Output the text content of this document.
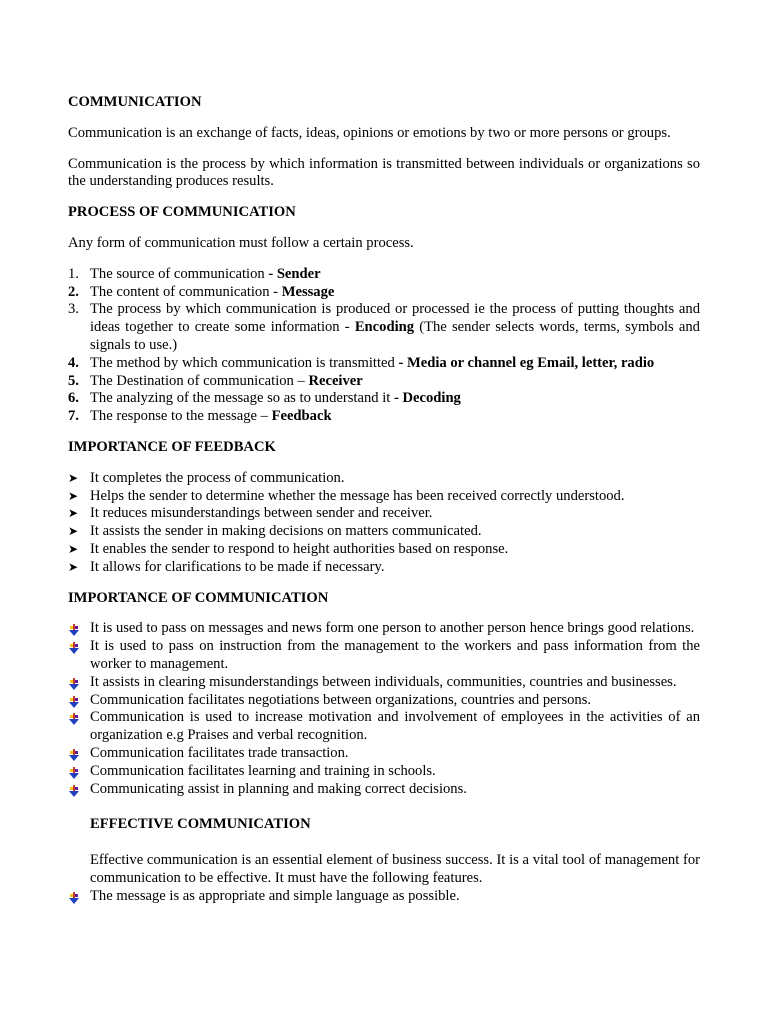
COMMUNICATION

Communication is an exchange of facts, ideas, opinions or emotions by two or more persons or groups.

Communication is the process by which information is transmitted between individuals or organizations so the understanding produces results.

PROCESS OF COMMUNICATION

Any form of communication must follow a certain process.

1. The source of communication - Sender
2. The content of communication - Message
3. The process by which communication is produced or processed ie the process of putting thoughts and ideas together to create some information - Encoding (The sender selects words, terms, symbols and signals to use.)
4. The method by which communication is transmitted - Media or channel eg Email, letter, radio
5. The Destination of communication – Receiver
6. The analyzing of the message so as to understand it - Decoding
7. The response to the message – Feedback

IMPORTANCE OF FEEDBACK

➤ It completes the process of communication.
➤ Helps the sender to determine whether the message has been received correctly understood.
➤ It reduces misunderstandings between sender and receiver.
➤ It assists the sender in making decisions on matters communicated.
➤ It enables the sender to respond to height authorities based on response.
➤ It allows for clarifications to be made if necessary.

IMPORTANCE OF COMMUNICATION

It is used to pass on messages and news form one person to another person hence brings good relations.
It is used to pass on instruction from the management to the workers and pass information from the worker to management.
It assists in clearing misunderstandings between individuals, communities, countries and businesses.
Communication facilitates negotiations between organizations, countries and persons.
Communication is used to increase motivation and involvement of employees in the activities of an organization e.g Praises and verbal recognition.
Communication facilitates trade transaction.
Communication facilitates learning and training in schools.
Communicating assist in planning and making correct decisions.

EFFECTIVE COMMUNICATION

Effective communication is an essential element of business success. It is a vital tool of management for communication to be effective. It must have the following features.

The message is as appropriate and simple language as possible.
